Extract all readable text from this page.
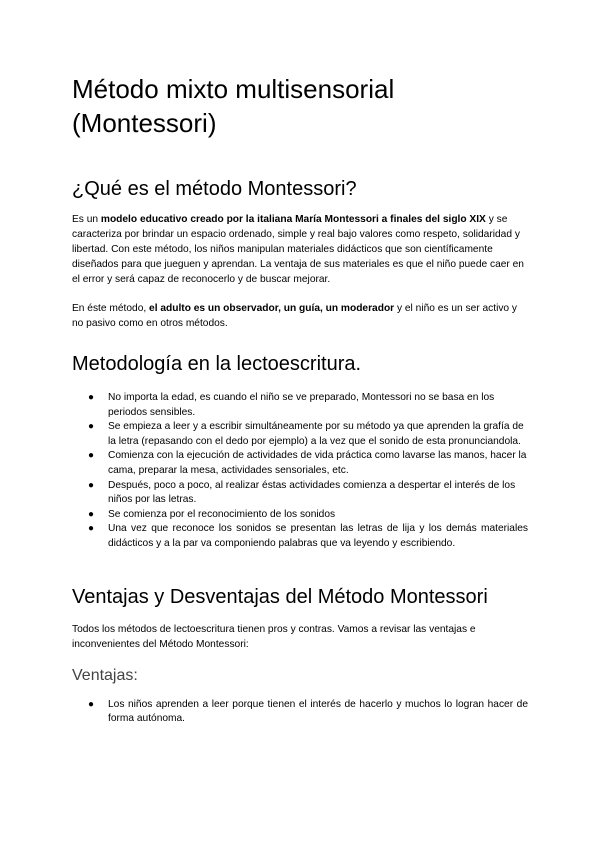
Método mixto multisensorial
(Montessori)
¿Qué es el método Montessori?

Es un modelo educativo creado por la italiana María Montessori a finales del siglo XIX y se caracteriza por brindar un espacio ordenado, simple y real bajo valores como respeto, solidaridad y libertad. Con este método, los niños manipulan materiales didácticos que son científicamente diseñados para que jueguen y aprendan. La ventaja de sus materiales es que el niño puede caer en el error y será capaz de reconocerlo y de buscar mejorar.

En éste método, el adulto es un observador, un guía, un moderador y el niño es un ser activo y no pasivo como en otros métodos.

Metodología en la lectoescritura.
● No importa la edad, es cuando el niño se ve preparado, Montessori no se basa en los periodos sensibles.
● Se empieza a leer y a escribir simultáneamente por su método ya que aprenden la grafía de la letra (repasando con el dedo por ejemplo) a la vez que el sonido de esta pronunciandola.
● Comienza con la ejecución de actividades de vida práctica como lavarse las manos, hacer la cama, preparar la mesa, actividades sensoriales, etc.
● Después, poco a poco, al realizar éstas actividades comienza a despertar el interés de los niños por las letras.
● Se comienza por el reconocimiento de los sonidos
● Una vez que reconoce los sonidos se presentan las letras de lija y los demás materiales didácticos y a la par va componiendo palabras que va leyendo y escribiendo.
Ventajas y Desventajas del Método Montessori

Todos los métodos de lectoescritura tienen pros y contras. Vamos a revisar las ventajas e inconvenientes del Método Montessori:

Ventajas:
● Los niños aprenden a leer porque tienen el interés de hacerlo y muchos lo logran hacer de forma autónoma.
